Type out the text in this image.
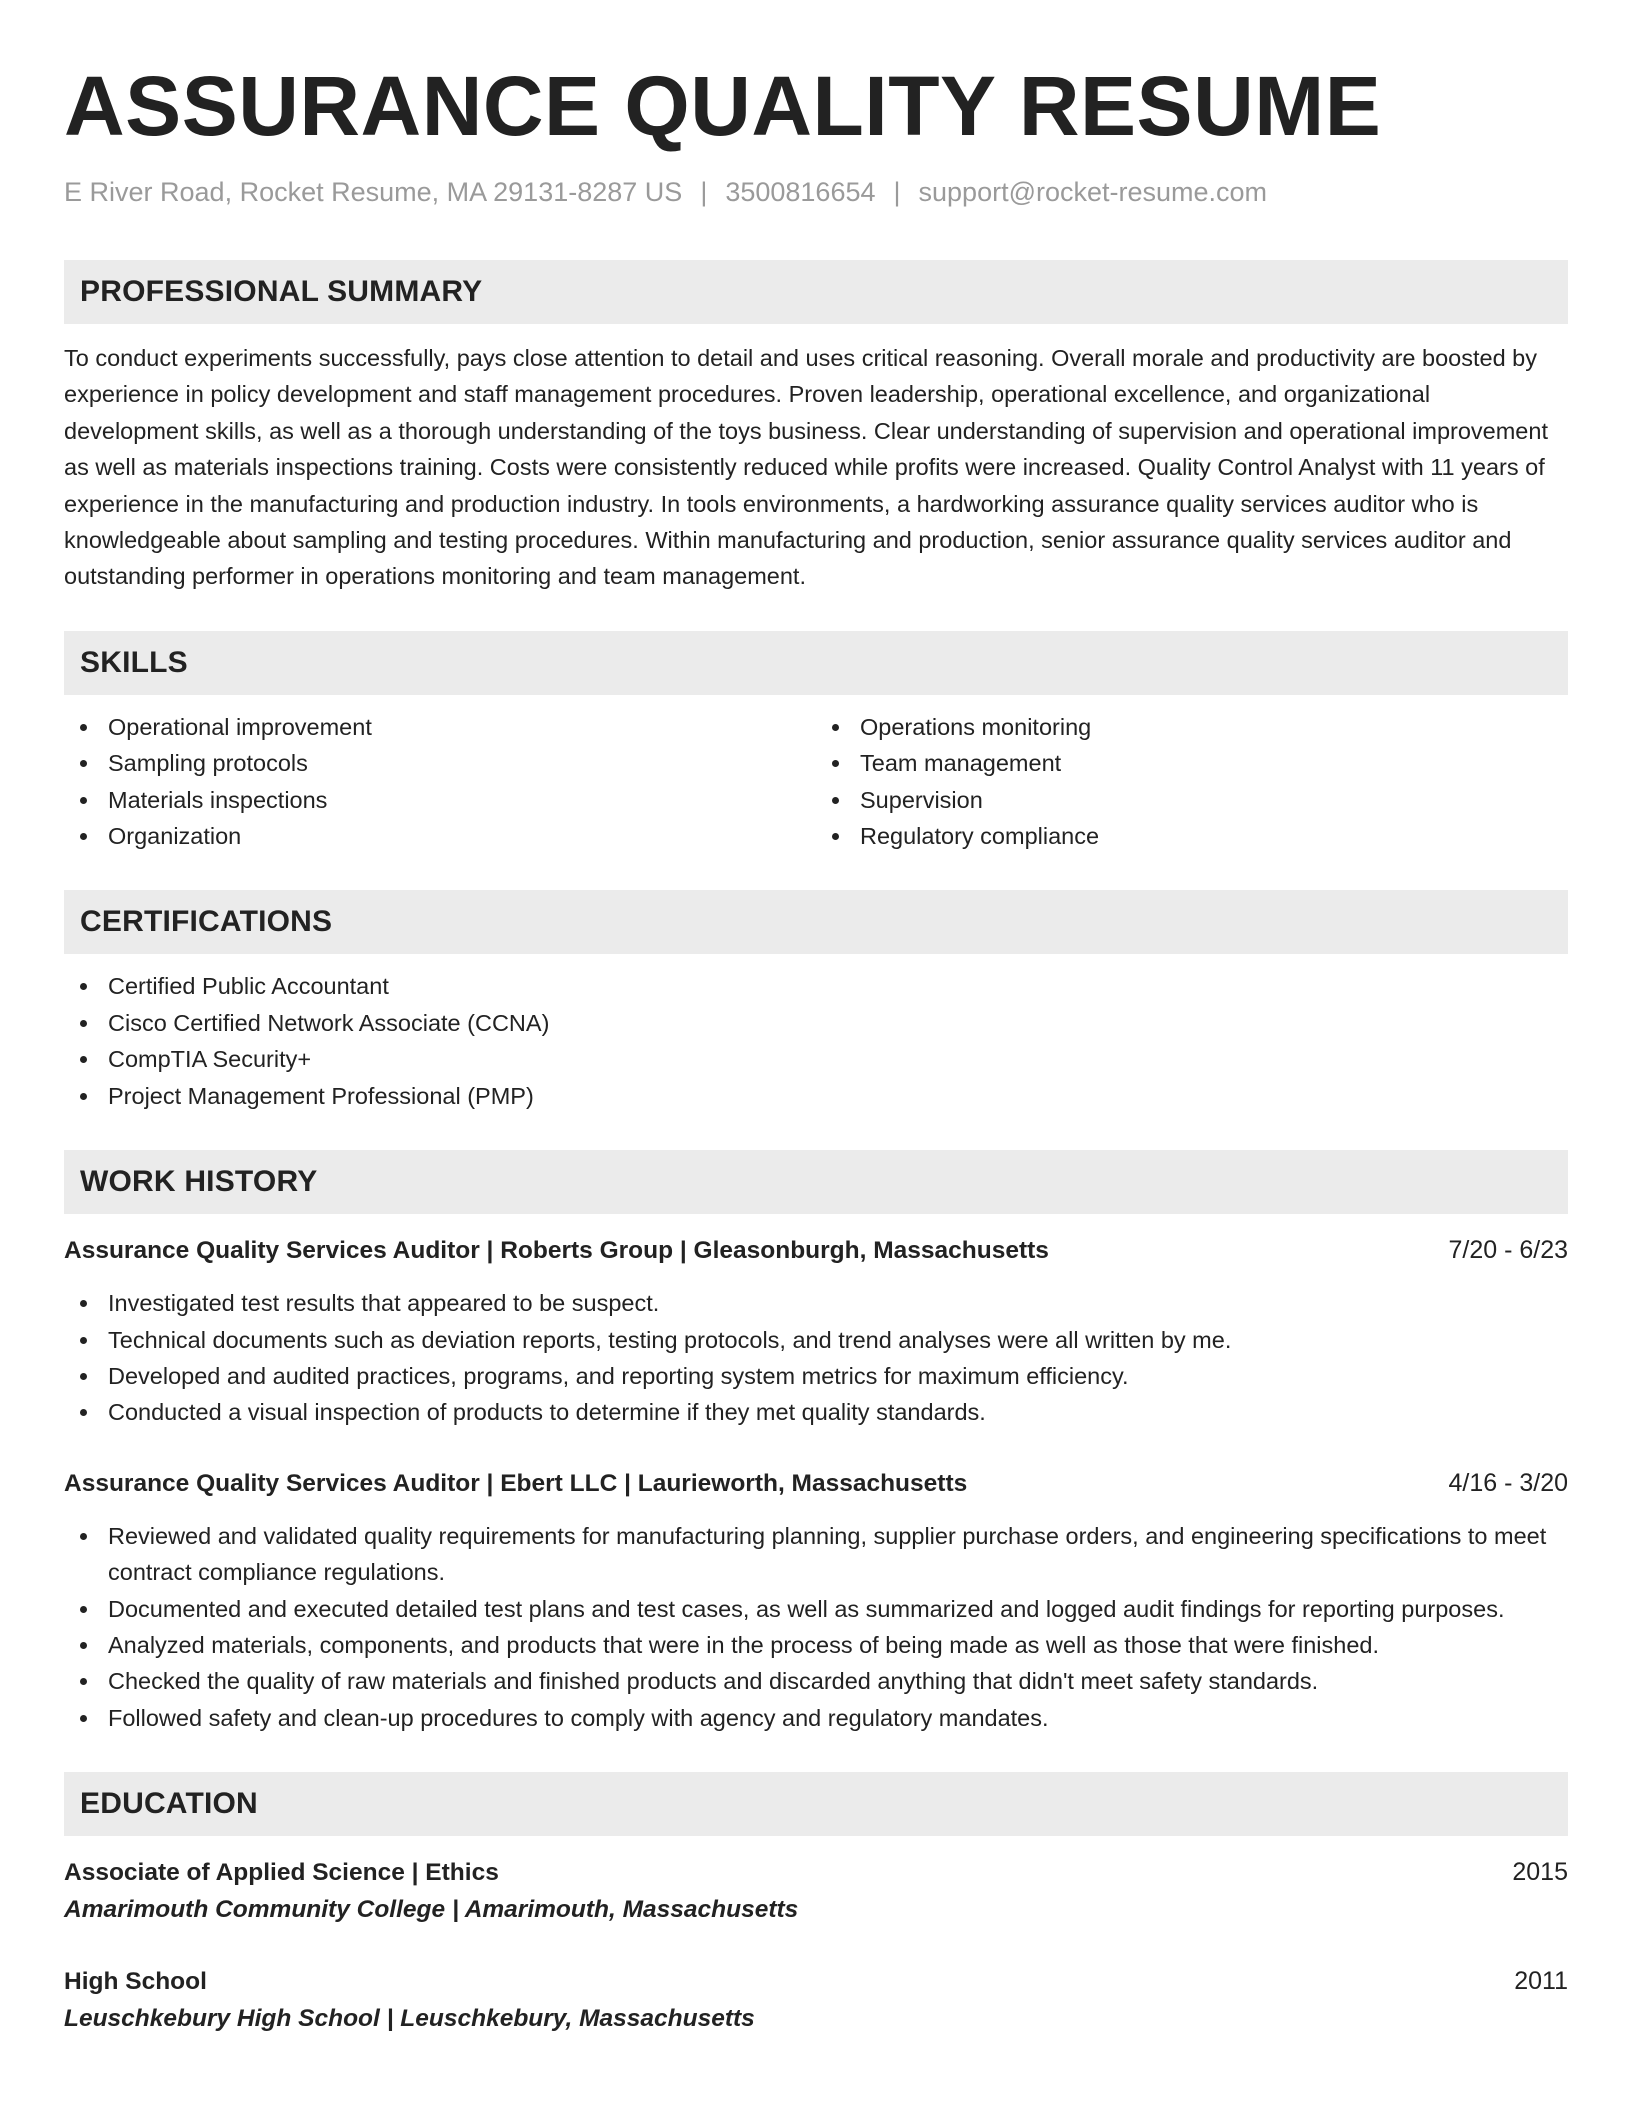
ASSURANCE QUALITY RESUME
E River Road, Rocket Resume, MA 29131-8287 US | 3500816654 | support@rocket-resume.com
PROFESSIONAL SUMMARY
To conduct experiments successfully, pays close attention to detail and uses critical reasoning. Overall morale and productivity are boosted by experience in policy development and staff management procedures. Proven leadership, operational excellence, and organizational development skills, as well as a thorough understanding of the toys business. Clear understanding of supervision and operational improvement as well as materials inspections training. Costs were consistently reduced while profits were increased. Quality Control Analyst with 11 years of experience in the manufacturing and production industry. In tools environments, a hardworking assurance quality services auditor who is knowledgeable about sampling and testing procedures. Within manufacturing and production, senior assurance quality services auditor and outstanding performer in operations monitoring and team management.
SKILLS
Operational improvement
Sampling protocols
Materials inspections
Organization
Operations monitoring
Team management
Supervision
Regulatory compliance
CERTIFICATIONS
Certified Public Accountant
Cisco Certified Network Associate (CCNA)
CompTIA Security+
Project Management Professional (PMP)
WORK HISTORY
Assurance Quality Services Auditor | Roberts Group | Gleasonburgh, Massachusetts	7/20 - 6/23
Investigated test results that appeared to be suspect.
Technical documents such as deviation reports, testing protocols, and trend analyses were all written by me.
Developed and audited practices, programs, and reporting system metrics for maximum efficiency.
Conducted a visual inspection of products to determine if they met quality standards.
Assurance Quality Services Auditor | Ebert LLC | Laurieworth, Massachusetts	4/16 - 3/20
Reviewed and validated quality requirements for manufacturing planning, supplier purchase orders, and engineering specifications to meet contract compliance regulations.
Documented and executed detailed test plans and test cases, as well as summarized and logged audit findings for reporting purposes.
Analyzed materials, components, and products that were in the process of being made as well as those that were finished.
Checked the quality of raw materials and finished products and discarded anything that didn't meet safety standards.
Followed safety and clean-up procedures to comply with agency and regulatory mandates.
EDUCATION
Associate of Applied Science | Ethics	2015
Amarimouth Community College | Amarimouth, Massachusetts
High School	2011
Leuschkebury High School | Leuschkebury, Massachusetts
